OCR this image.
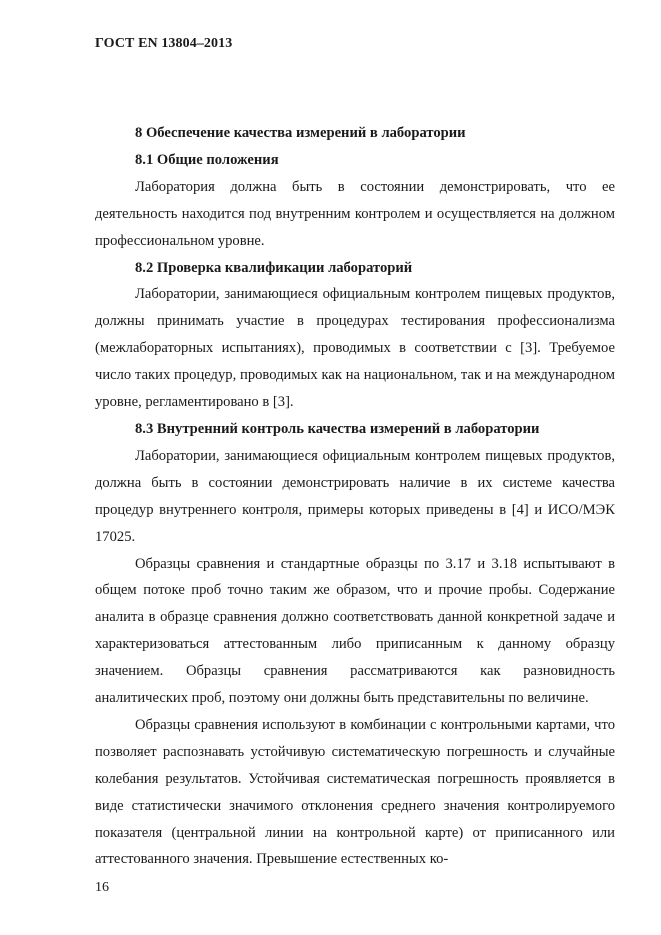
ГОСТ EN 13804–2013

8 Обеспечение качества измерений в лаборатории

8.1 Общие положения

Лаборатория должна быть в состоянии демонстрировать, что ее деятельность находится под внутренним контролем и осуществляется на должном профессиональном уровне.

8.2 Проверка квалификации лабораторий

Лаборатории, занимающиеся официальным контролем пищевых продуктов, должны принимать участие в процедурах тестирования профессионализма (межлабораторных испытаниях), проводимых в соответствии с [3]. Требуемое число таких процедур, проводимых как на национальном, так и на международном уровне, регламентировано в [3].

8.3 Внутренний контроль качества измерений в лаборатории

Лаборатории, занимающиеся официальным контролем пищевых продуктов, должна быть в состоянии демонстрировать наличие в их системе качества процедур внутреннего контроля, примеры которых приведены в [4] и ИСО/МЭК 17025.

Образцы сравнения и стандартные образцы по 3.17 и 3.18 испытывают в общем потоке проб точно таким же образом, что и прочие пробы. Содержание аналита в образце сравнения должно соответствовать данной конкретной задаче и характеризоваться аттестованным либо приписанным к данному образцу значением. Образцы сравнения рассматриваются как разновидность аналитических проб, поэтому они должны быть представительны по величине.

Образцы сравнения используют в комбинации с контрольными картами, что позволяет распознавать устойчивую систематическую погрешность и случайные колебания результатов. Устойчивая систематическая погрешность проявляется в виде статистически значимого отклонения среднего значения контролируемого показателя (центральной линии на контрольной карте) от приписанного или аттестованного значения. Превышение естественных ко-

16
